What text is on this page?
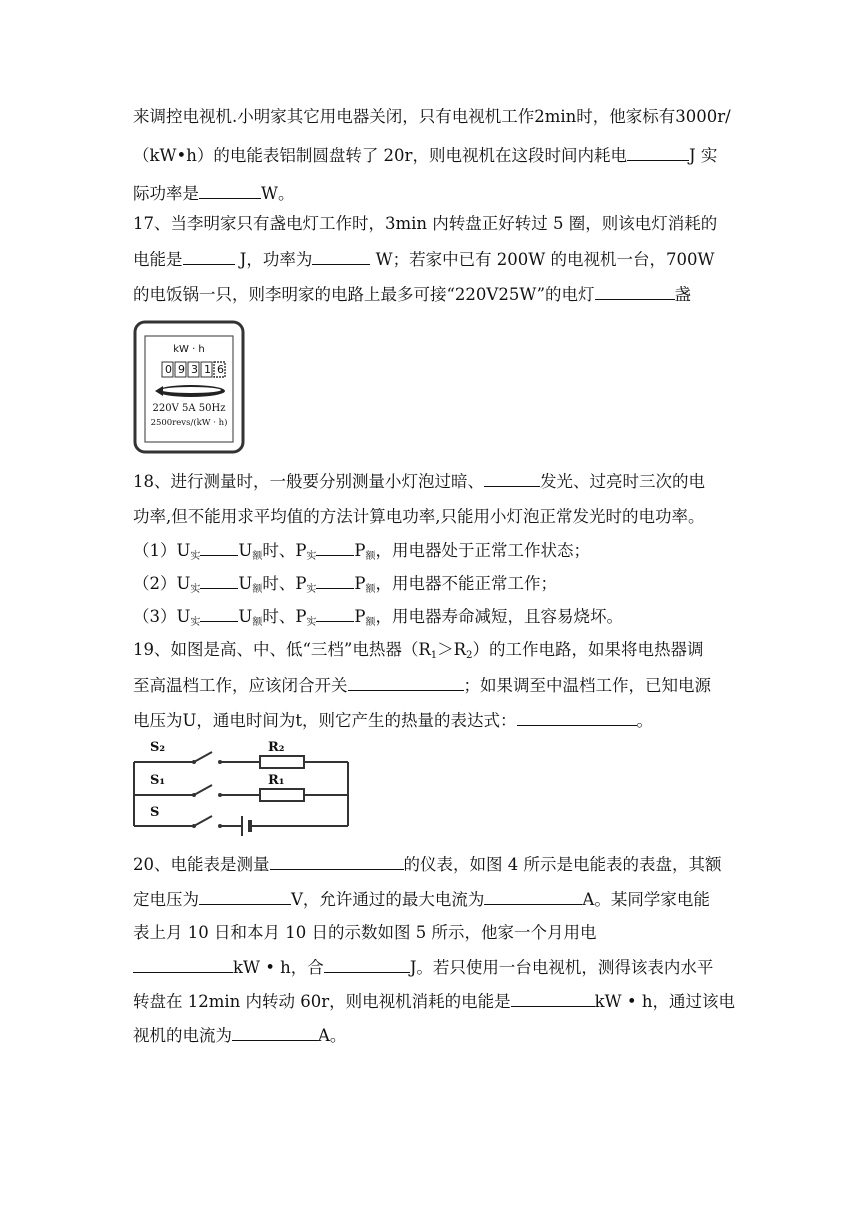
来调控电视机.小明家其它用电器关闭，只有电视机工作2min时，他家标有3000r/
（kW•h）的电能表铝制圆盘转了 20r，则电视机在这段时间内耗电	J 实
际功率是	W。
17、当李明家只有盏电灯工作时，3min 内转盘正好转过 5 圈，则该电灯消耗的
电能是	J，功率为	W；若家中已有 200W 的电视机一台，700W
的电饭锅一只，则李明家的电路上最多可接“220V25W”的电灯	盏
kW · h
0 9 3 1 6
220V 5A 50Hz
2500revs/(kW · h)
18、进行测量时，一般要分别测量小灯泡过暗、	发光、过亮时三次的电
功率,但不能用求平均值的方法计算电功率,只能用小灯泡正常发光时的电功率。
$(1)U_实$ $U_额$时、$P_实$ $P_额$，用电器处于正常工作状态；
$(2)U_实$ $U_额$时、$P_实$ $P_额$，用电器不能正常工作；
$(3)U_实$ $U_额$时、$P_实$ $P_额$，用电器寿命减短，且容易烧坏。
19、如图是高、中、低“三档”电热器$(R_1>R_2)$的工作电路，如果将电热器调
至高温档工作，应该闭合开关	；如果调至中温档工作，已知电源
电压为U，通电时间为t，则它产生的热量的表达式：	。
S₂	R₂
S₁	R₁
S
20、电能表是测量	的仪表，如图 4 所示是电能表的表盘，其额
定电压为	V，允许通过的最大电流为	A。某同学家电能
表上月 10 日和本月 10 日的示数如图 5 所示，他家一个月用电
kW • h，合	J。若只使用一台电视机，测得该表内水平
转盘在 12min 内转动 60r，则电视机消耗的电能是	kW • h，通过该电
视机的电流为	A。
